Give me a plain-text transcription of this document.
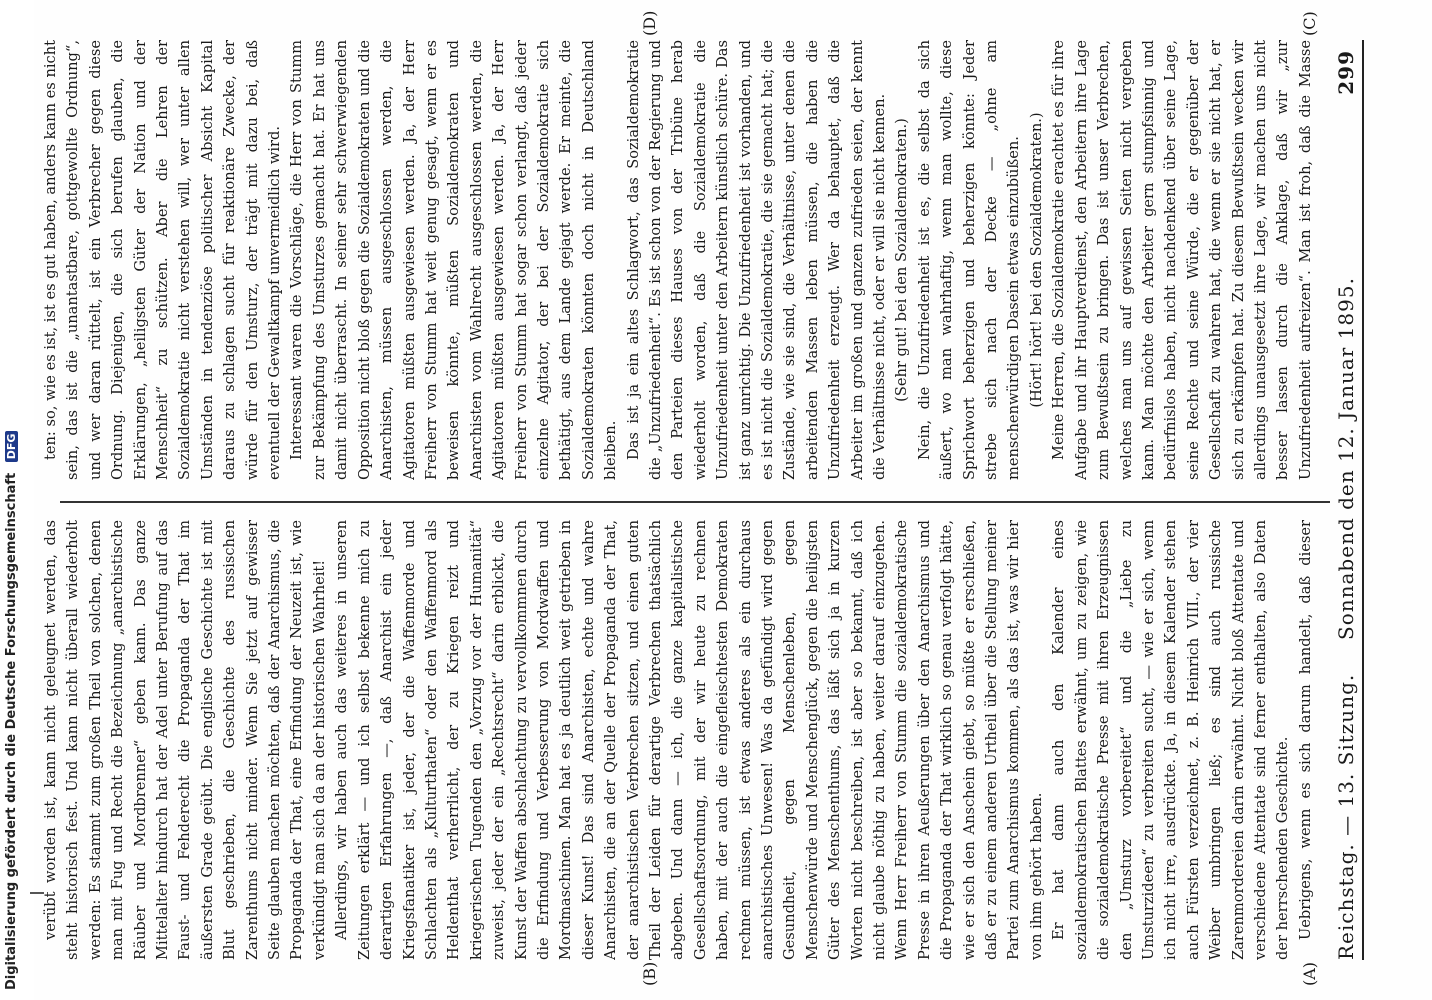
Digitalisierung gefördert durch die Deutsche Forschungsgemeinschaft DFG
Reichstag. — 13. Sitzung.
Sonnabend den 12. Januar 1895.
299
(A)
(B)
(C)
(D)

verübt worden ist, kann nicht geleugnet werden, das steht historisch fest. Und kann nicht überall wiederholt werden: Es stammt zum großen Theil von solchen, denen man mit Fug und Recht die Bezeichnung „anarchistische Räuber und Mordbrenner“ geben kann. Das ganze Mittelalter hindurch hat der Adel unter Berufung auf das Faust- und Fehderecht die Propaganda der That im äußersten Grade geübt. Die englische Geschichte ist mit Blut geschrieben, die Geschichte des russischen Zarenthums nicht minder. Wenn Sie jetzt auf gewisser Seite glauben machen möchten, daß der Anarchismus, die Propaganda der That, eine Erfindung der Neuzeit ist, wie verkündigt man sich da an der historischen Wahrheit! Allerdings, wir haben auch das weiteres in unseren Zeitungen erklärt — und ich selbst bekenne mich zu derartigen Erfahrungen —, daß Anarchist ein jeder Kriegsfanatiker ist, jeder, der die Waffenmorde und Schlachten als „Kulturthaten“ oder den Waffenmord als Heldenthat verherrlicht, der zu Kriegen reizt und kriegerischen Tugenden den „Vorzug vor der Humanität“ zuweist, jeder der ein „Rechtsrecht“ darin erblickt, die Kunst der Waffen abschlachtung zu vervollkommnen durch die Erfindung und Verbesserung von Mordwaffen und Mordmaschinen. Man hat es ja deutlich weit getrieben in dieser Kunst! Das sind Anarchisten, echte und wahre Anarchisten, die an der Quelle der Propaganda der That, der anarchistischen Verbrechen sitzen, und einen guten Theil der Leiden für derartige Verbrechen thatsächlich abgeben. Und dann — ich, die ganze kapitalistische Gesellschaftsordnung, mit der wir heute zu rechnen haben, mit der auch die eingefleischtesten Demokraten rechnen müssen, ist etwas anderes als ein durchaus anarchistisches Unwesen! Was da gefündigt wird gegen Gesundheit, gegen Menschenleben, gegen Menschenwürde und Menschenglück, gegen die heiligsten Güter des Menschenthums, das läßt sich ja in kurzen Worten nicht beschreiben, ist aber so bekannt, daß ich nicht glaube nöthig zu haben, weiter darauf einzugehen. Wenn Herr Freiherr von Stumm die sozialdemokratische Presse in ihren Aeußerungen über den Anarchismus und die Propaganda der That wirklich so genau verfolgt hätte, wie er sich den Anschein giebt, so müßte er erschließen, daß er zu einem anderen Urtheil über die Stellung meiner Partei zum Anarchismus kommen, als das ist, was wir hier von ihm gehört haben. Er hat dann auch den Kalender eines sozialdemokratischen Blattes erwähnt, um zu zeigen, wie die sozialdemokratische Presse mit ihren Erzeugnissen den „Umsturz vorbereitet“ und die „Liebe zu Umsturzideen“ zu verbreiten sucht, — wie er sich, wenn ich nicht irre, ausdrückte. Ja, in diesem Kalender stehen auch Fürsten verzeichnet, z. B. Heinrich VIII., der vier Weiber umbringen ließ; es sind auch russische Zarenmordereien darin erwähnt. Nicht bloß Attentate und verschiedene Attentate sind ferner enthalten, also Daten der herrschenden Geschichte. Uebrigens, wenn es sich darum handelt, daß dieser

ten: so, wie es ist, ist es gut haben, anders kann es nicht sein, das ist die „unantastbare, gottgewollte Ordnung“, und wer daran rüttelt, ist ein Verbrecher gegen diese Ordnung. Diejenigen, die sich berufen glauben, die Erklärungen, „heiligsten Güter der Nation und der Menschheit“ zu schützen. Aber die Lehren der Sozialdemokratie nicht verstehen will, wer unter allen Umständen in tendenziöse politischer Absicht Kapital daraus zu schlagen sucht für reaktionäre Zwecke, der würde für den Umsturz, der trägt mit dazu bei, daß eventuell der Gewaltkampf unvermeidlich wird. Interessant waren die Vorschläge, die Herr von Stumm zur Bekämpfung des Umsturzes gemacht hat. Er hat uns damit nicht überrascht. In seiner sehr schwerwiegenden Opposition nicht bloß gegen die Sozialdemokraten und die Anarchisten, müssen ausgeschlossen werden, die Agitatoren müßten ausgewiesen werden. Ja, der Herr Freiherr von Stumm hat weit genug gesagt, wenn er es beweisen könnte, müßten Sozialdemokraten und Anarchisten vom Wahlrecht ausgeschlossen werden, die Agitatoren müßten ausgewiesen werden. Ja, der Herr Freiherr von Stumm hat sogar schon verlangt, daß jeder einzelne Agitator, der bei der Sozialdemokratie sich bethätigt, aus dem Lande gejagt werde. Er meinte, die Sozialdemokraten könnten doch nicht in Deutschland bleiben. Das ist ja ein altes Schlagwort, das Sozialdemokratie die „Unzufriedenheit“. Es ist schon von der Regierung und den Parteien dieses Hauses von der Tribüne herab wiederholt worden, daß die Sozialdemokratie die Unzufriedenheit unter den Arbeitern künstlich schüre. Das ist ganz unrichtig. Die Unzufriedenheit ist vorhanden, und es ist nicht die Sozialdemokratie, die sie gemacht hat; die Zustände, wie sie sind, die Verhältnisse, unter denen die arbeitenden Massen leben müssen, die haben die Unzufriedenheit erzeugt. Wer da behauptet, daß die Arbeiter im großen und ganzen zufrieden seien, der kennt die Verhältnisse nicht, oder er will sie nicht kennen. (Sehr gut! bei den Sozialdemokraten.) Nein, die Unzufriedenheit ist es, die selbst da sich äußert, wo man wahrhaftig, wenn man wollte, diese Sprichwort beherzigen und beherzigen könnte: Jeder strebe sich nach der Decke — „ohne am menschenwürdigen Dasein etwas einzubüßen. (Hört! hört! bei den Sozialdemokraten.)

Meine Herren, die Sozialdemokratie erachtet es für ihre Aufgabe und ihr Hauptverdienst, den Arbeitern ihre Lage zum Bewußtsein zu bringen. Das ist unser Verbrechen, welches man uns auf gewissen Seiten nicht vergeben kann. Man möchte den Arbeiter gern stumpfsinnig und bedürfnislos haben, nicht nachdenkend über seine Lage, seine Rechte und seine Würde, die er gegenüber der Gesellschaft zu wahren hat, die wenn er sie nicht hat, er sich zu erkämpfen hat. Zu diesem Bewußtsein wecken wir allerdings unausgesetzt ihre Lage, wir machen uns nicht besser lassen durch die Anklage, daß wir „zur Unzufriedenheit aufreizen“. Man ist froh, daß die Masse
